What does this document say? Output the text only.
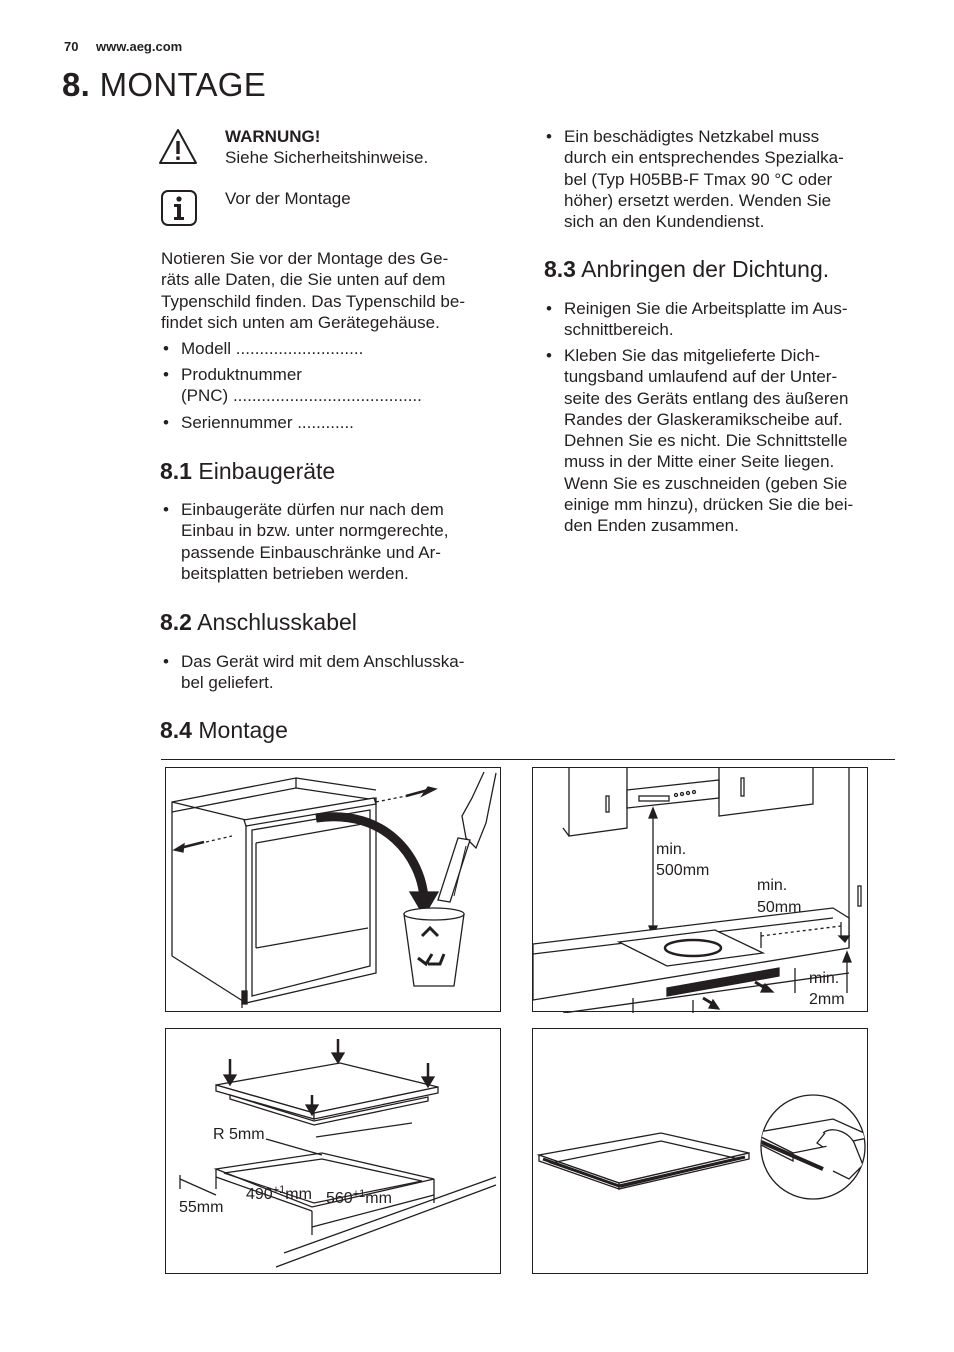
70 www.aeg.com
8. MONTAGE
WARNUNG!
Siehe Sicherheitshinweise.
Vor der Montage
Notieren Sie vor der Montage des Ge-
räts alle Daten, die Sie unten auf dem
Typenschild finden. Das Typenschild be-
findet sich unten am Gerätegehäuse.
• Modell ...........................
• Produktnummer
(PNC) ........................................
• Seriennummer ............
8.1 Einbaugeräte
• Einbaugeräte dürfen nur nach dem
Einbau in bzw. unter normgerechte,
passende Einbauschränke und Ar-
beitsplatten betrieben werden.
8.2 Anschlusskabel
• Das Gerät wird mit dem Anschlusska-
bel geliefert.
• Ein beschädigtes Netzkabel muss
durch ein entsprechendes Spezialka-
bel (Typ H05BB-F Tmax 90 °C oder
höher) ersetzt werden. Wenden Sie
sich an den Kundendienst.
8.3 Anbringen der Dichtung.
• Reinigen Sie die Arbeitsplatte im Aus-
schnittbereich.
• Kleben Sie das mitgelieferte Dich-
tungsband umlaufend auf der Unter-
seite des Geräts entlang des äußeren
Randes der Glaskeramikscheibe auf.
Dehnen Sie es nicht. Die Schnittstelle
muss in der Mitte einer Seite liegen.
Wenn Sie es zuschneiden (geben Sie
einige mm hinzu), drücken Sie die bei-
den Enden zusammen.
8.4 Montage
min.
500mm
min.
50mm
min.
2mm
R 5mm
$490^{+1}mm$ $560^{+1}mm$
55mm
